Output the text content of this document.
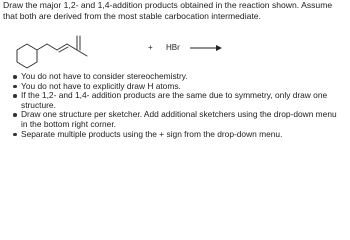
Draw the major 1,2- and 1,4-addition products obtained in the reaction shown. Assume that both are derived from the most stable carbocation intermediate.
+ HBr
You do not have to consider stereochemistry.
You do not have to explicitly draw H atoms.
If the 1,2- and 1,4- addition products are the same due to symmetry, only draw one structure.
Draw one structure per sketcher. Add additional sketchers using the drop-down menu in the bottom right corner.
Separate multiple products using the + sign from the drop-down menu.
